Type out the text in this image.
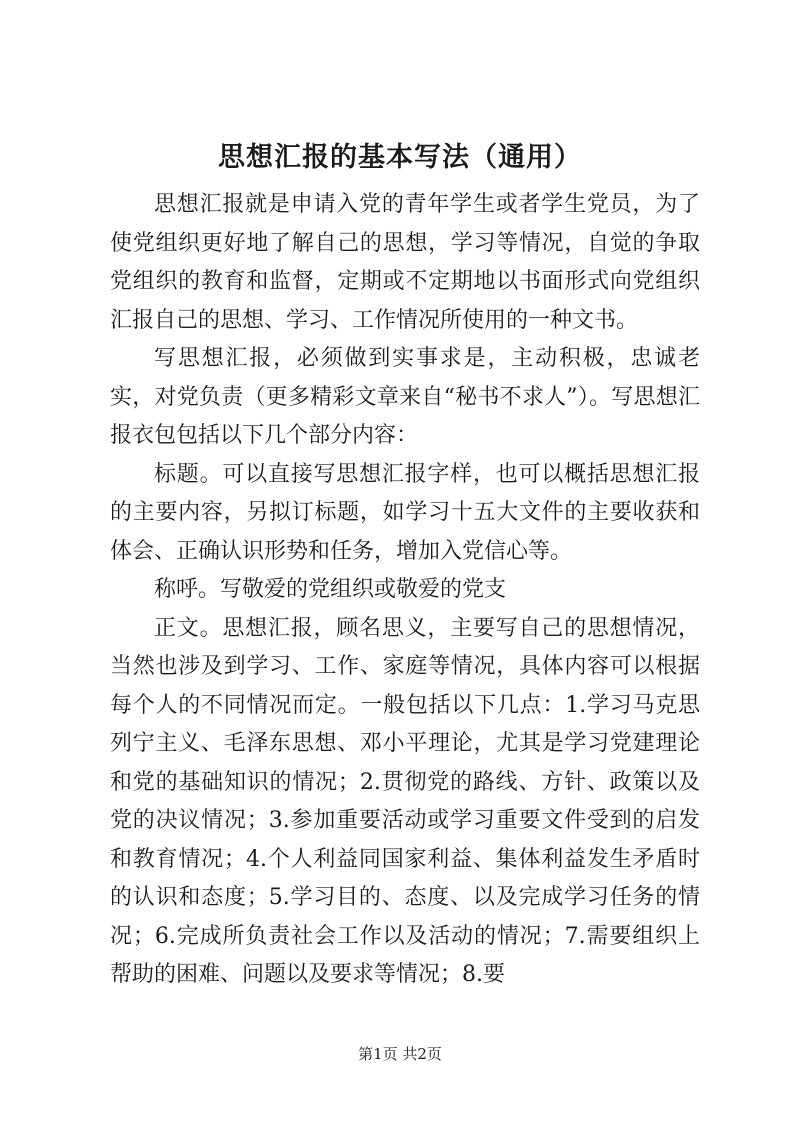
思想汇报的基本写法（通用）

思想汇报就是申请入党的青年学生或者学生党员，为了使党组织更好地了解自己的思想，学习等情况，自觉的争取党组织的教育和监督，定期或不定期地以书面形式向党组织汇报自己的思想、学习、工作情况所使用的一种文书。

写思想汇报，必须做到实事求是，主动积极，忠诚老实，对党负责（更多精彩文章来自“秘书不求人”）。写思想汇报衣包包括以下几个部分内容：

标题。可以直接写思想汇报字样，也可以概括思想汇报的主要内容，另拟订标题，如学习十五大文件的主要收获和体会、正确认识形势和任务，增加入党信心等。

称呼。写敬爱的党组织或敬爱的党支

正文。思想汇报，顾名思义，主要写自己的思想情况，当然也涉及到学习、工作、家庭等情况，具体内容可以根据每个人的不同情况而定。一般包括以下几点：1.学习马克思列宁主义、毛泽东思想、邓小平理论，尤其是学习党建理论和党的基础知识的情况；2.贯彻党的路线、方针、政策以及党的决议情况；3.参加重要活动或学习重要文件受到的启发和教育情况；4.个人利益同国家利益、集体利益发生矛盾时的认识和态度；5.学习目的、态度、以及完成学习任务的情况；6.完成所负责社会工作以及活动的情况；7.需要组织上帮助的困难、问题以及要求等情况；8.要

第1页 共2页
